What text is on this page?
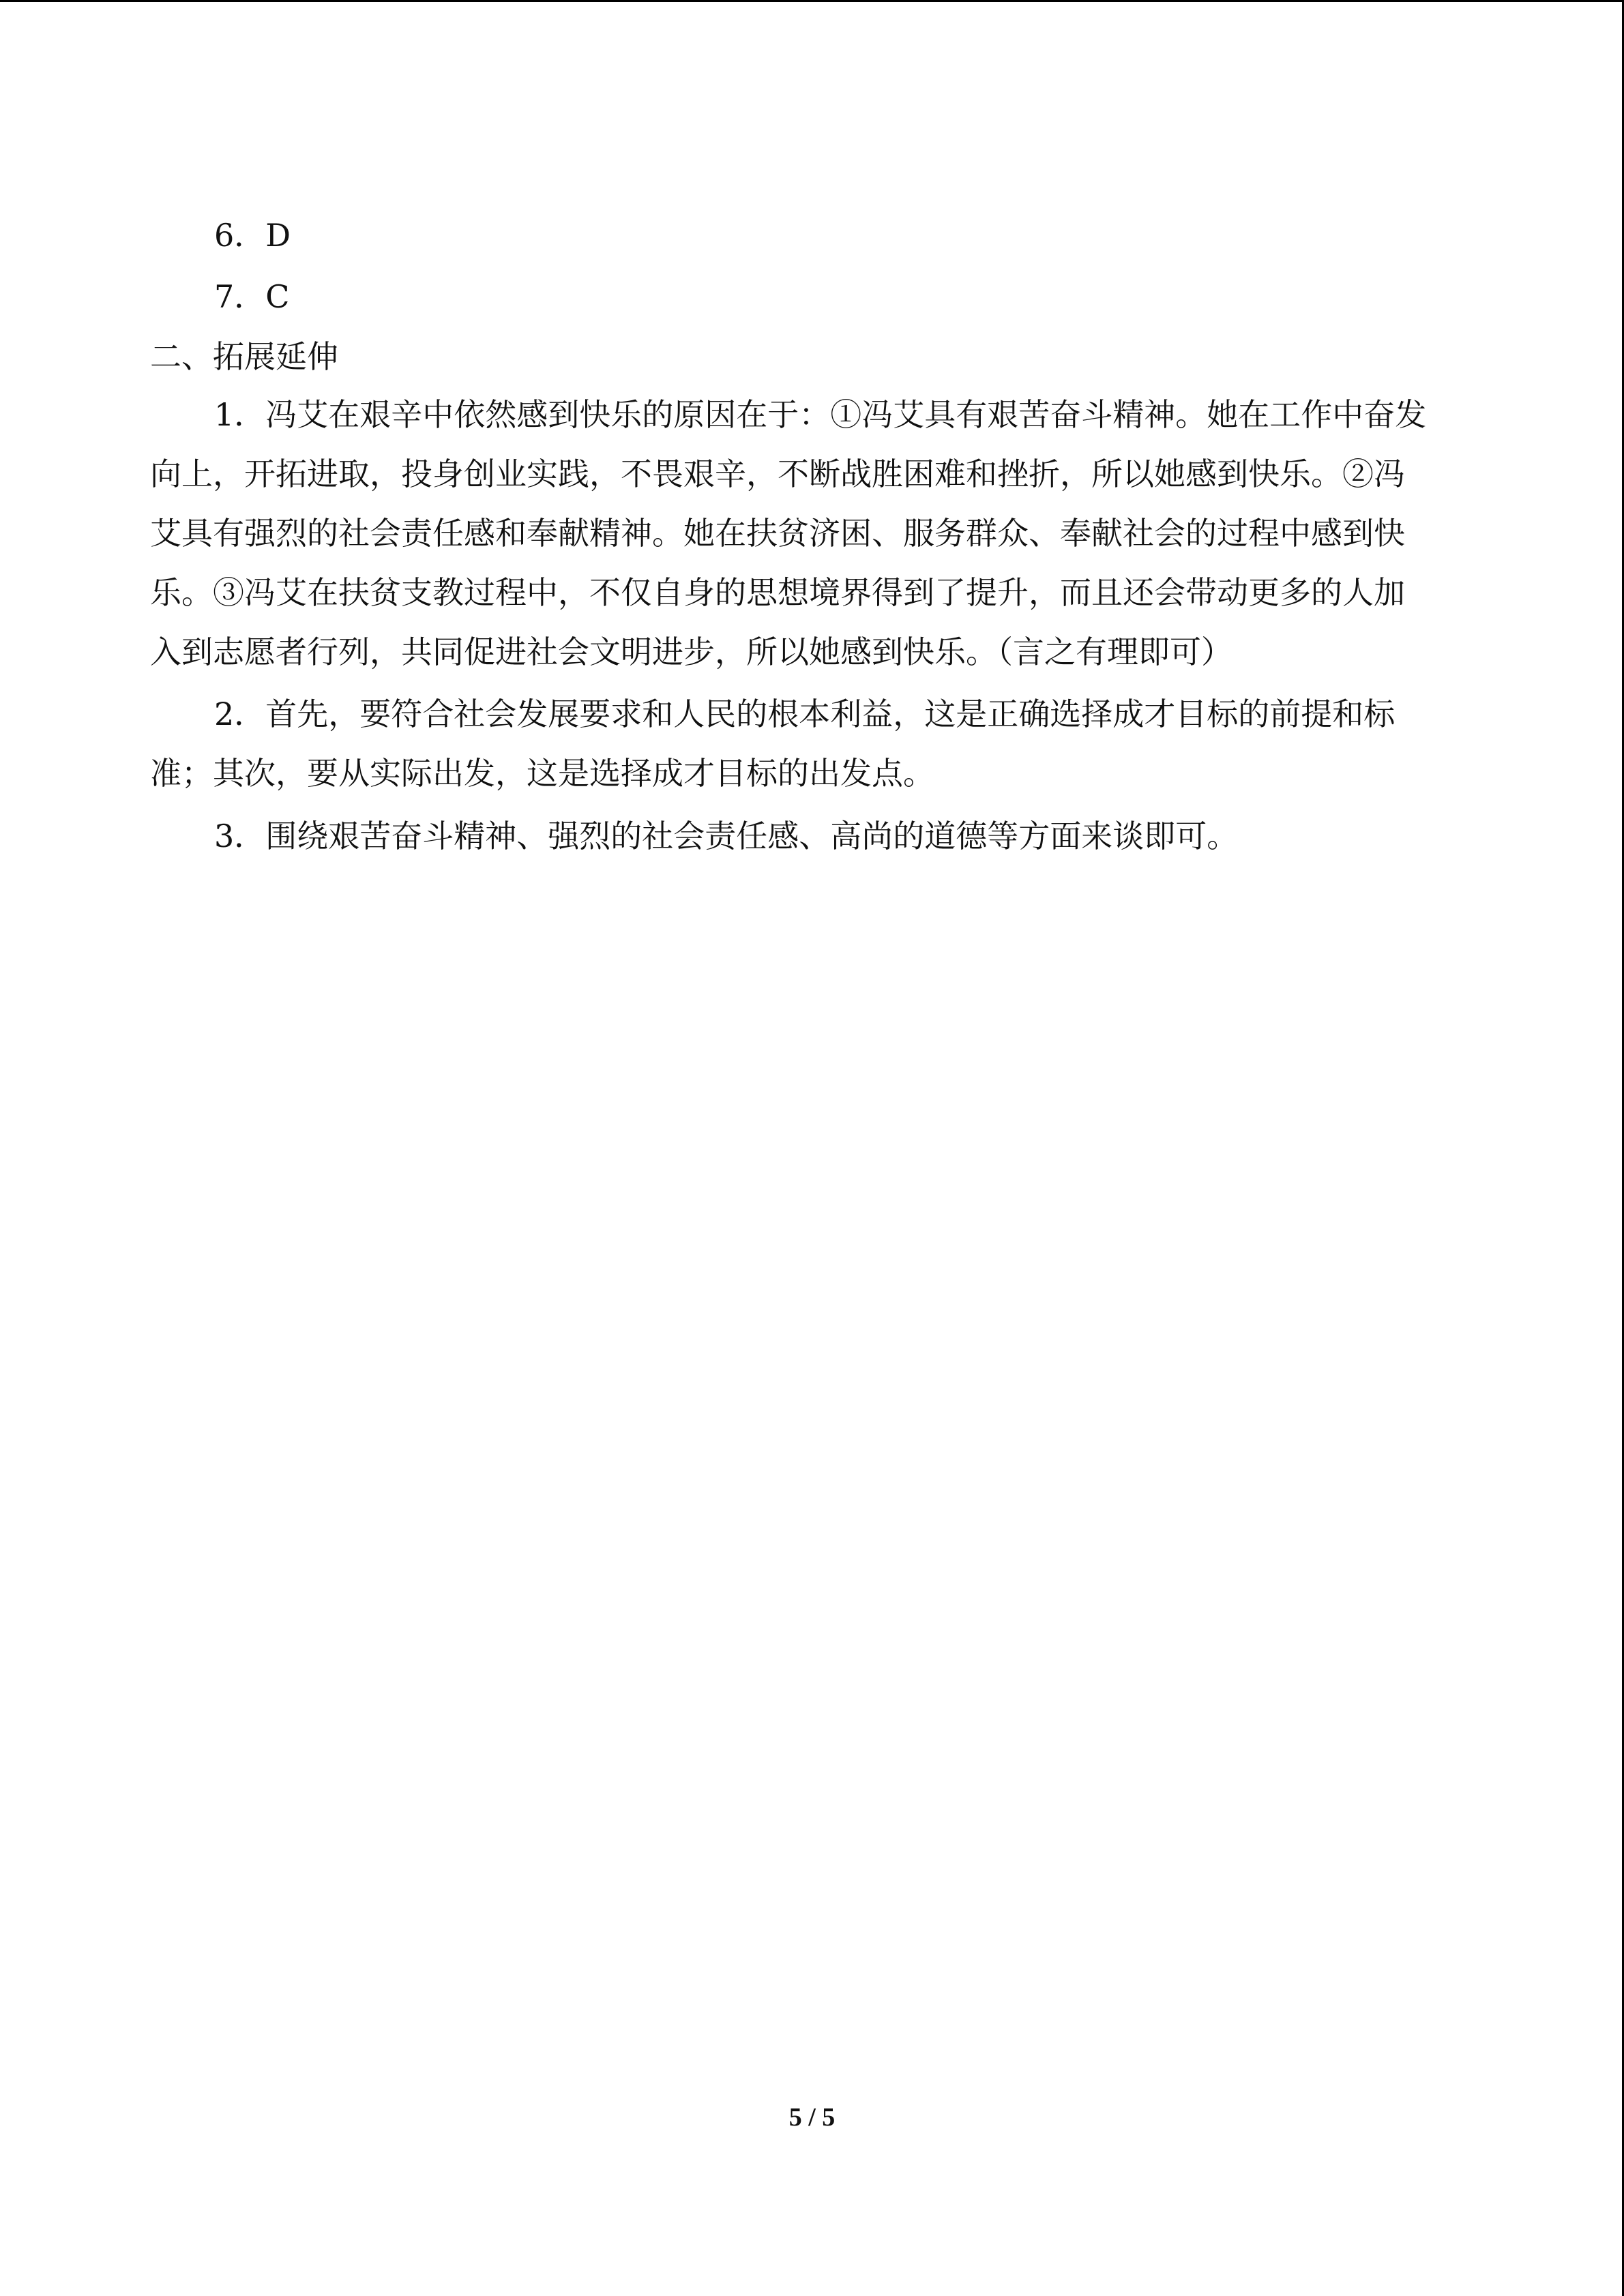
6．D
7．C
二、拓展延伸
1．冯艾在艰辛中依然感到快乐的原因在于：①冯艾具有艰苦奋斗精神。她在工作中奋发
向上，开拓进取，投身创业实践，不畏艰辛，不断战胜困难和挫折，所以她感到快乐。②冯
艾具有强烈的社会责任感和奉献精神。她在扶贫济困、服务群众、奉献社会的过程中感到快
乐。③冯艾在扶贫支教过程中，不仅自身的思想境界得到了提升，而且还会带动更多的人加
入到志愿者行列，共同促进社会文明进步，所以她感到快乐。（言之有理即可）
2．首先，要符合社会发展要求和人民的根本利益，这是正确选择成才目标的前提和标
准；其次，要从实际出发，这是选择成才目标的出发点。
3．围绕艰苦奋斗精神、强烈的社会责任感、高尚的道德等方面来谈即可。
5 / 5
